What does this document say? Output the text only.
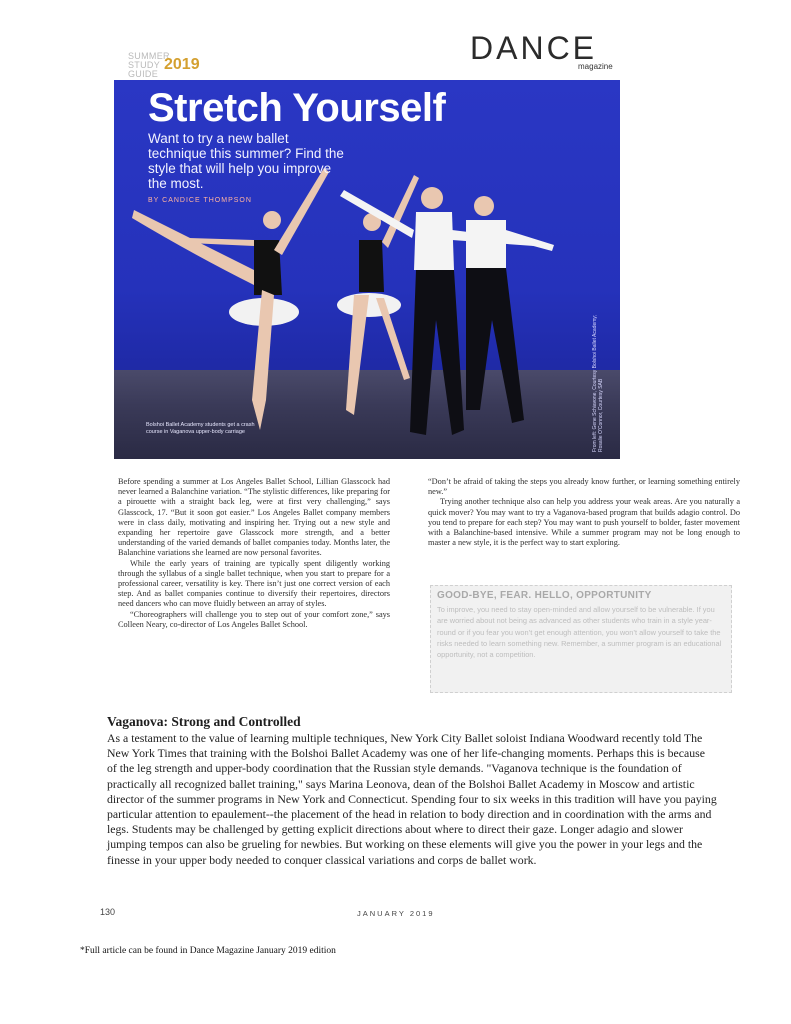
SUMMER
STUDY
GUIDE
2019	DANCE
magazine
Stretch Yourself
Want to try a new ballet technique this summer? Find the style that will help you improve the most.
BY CANDICE THOMPSON
Bolshoi Ballet Academy students get a crash course in Vaganova upper-body carriage	From left: Gene Schiavone, Courtesy Bolshoi Ballet Academy; Rosalie O'Connor, Courtesy SAB

Before spending a summer at Los Angeles Ballet School, Lillian Glasscock had never learned a Balanchine variation. “The stylistic differences, like preparing for a pirouette with a straight back leg, were at first very challenging,” says Glasscock, 17. “But it soon got easier.” Los Angeles Ballet company members were in class daily, motivating and inspiring her. Trying out a new style and expanding her repertoire gave Glasscock more strength, and a better understanding of the varied demands of ballet companies today. Months later, the Balanchine variations she learned are now personal favorites.

While the early years of training are typically spent diligently working through the syllabus of a single ballet technique, when you start to prepare for a professional career, versatility is key. There isn’t just one correct version of each step. And as ballet companies continue to diversify their repertoires, directors need dancers who can move fluidly between an array of styles.

“Choreographers will challenge you to step out of your comfort zone,” says Colleen Neary, co-director of Los Angeles Ballet School.

“Don’t be afraid of taking the steps you already know further, or learning something entirely new.”

Trying another technique also can help you address your weak areas. Are you naturally a quick mover? You may want to try a Vaganova-based program that builds adagio control. Do you tend to prepare for each step? You may want to push yourself to bolder, faster movement with a Balanchine-based intensive. While a summer program may not be long enough to master a new style, it is the perfect way to start exploring.

GOOD-BYE, FEAR. HELLO, OPPORTUNITY
To improve, you need to stay open-minded and allow yourself to be vulnerable. If you are worried about not being as advanced as other students who train in a style year-round or if you fear you won’t get enough attention, you won’t allow yourself to take the risks needed to learn something new. Remember, a summer program is an educational opportunity, not a competition.
Vaganova: Strong and Controlled
As a testament to the value of learning multiple techniques, New York City Ballet soloist Indiana Woodward recently told The New York Times that training with the Bolshoi Ballet Academy was one of her life-changing moments. Perhaps this is because of the leg strength and upper-body coordination that the Russian style demands. "Vaganova technique is the foundation of practically all recognized ballet training," says Marina Leonova, dean of the Bolshoi Ballet Academy in Moscow and artistic director of the summer programs in New York and Connecticut. Spending four to six weeks in this tradition will have you paying particular attention to epaulement--the placement of the head in relation to body direction and in coordination with the arms and legs. Students may be challenged by getting explicit directions about where to direct their gaze. Longer adagio and slower jumping tempos can also be grueling for newbies. But working on these elements will give you the power in your legs and the finesse in your upper body needed to conquer classical variations and corps de ballet work.
130	JANUARY 2019
*Full article can be found in Dance Magazine January 2019 edition
